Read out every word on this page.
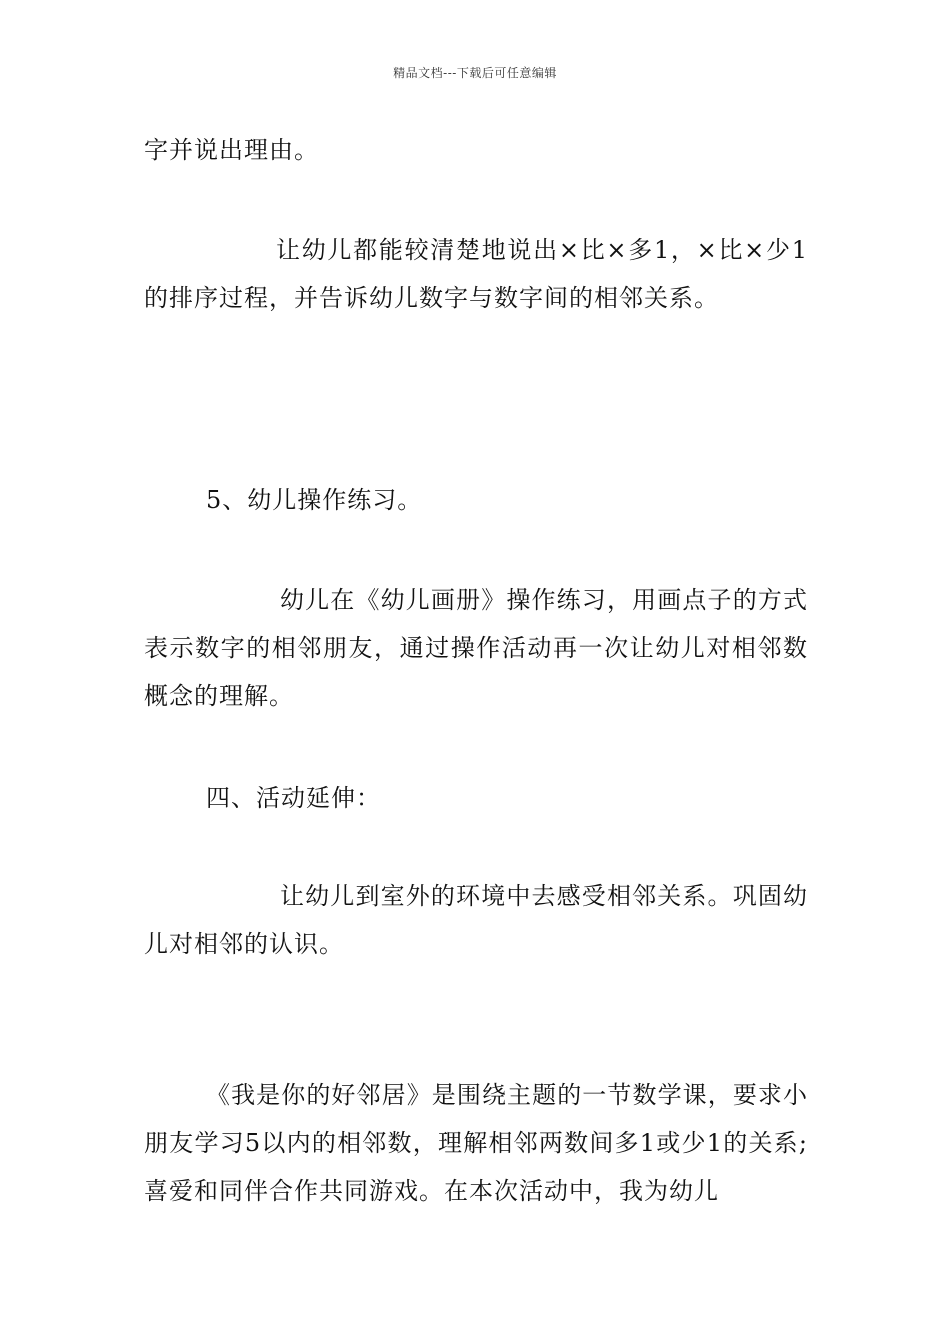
精品文档---下载后可任意编辑

字并说出理由。

让幼儿都能较清楚地说出×比×多1，×比×少1的排序过程，并告诉幼儿数字与数字间的相邻关系。

5、幼儿操作练习。

幼儿在《幼儿画册》操作练习，用画点子的方式表示数字的相邻朋友，通过操作活动再一次让幼儿对相邻数概念的理解。

四、活动延伸：

让幼儿到室外的环境中去感受相邻关系。巩固幼儿对相邻的认识。

《我是你的好邻居》是围绕主题的一节数学课，要求小朋友学习5以内的相邻数，理解相邻两数间多1或少1的关系;喜爱和同伴合作共同游戏。在本次活动中，我为幼儿
